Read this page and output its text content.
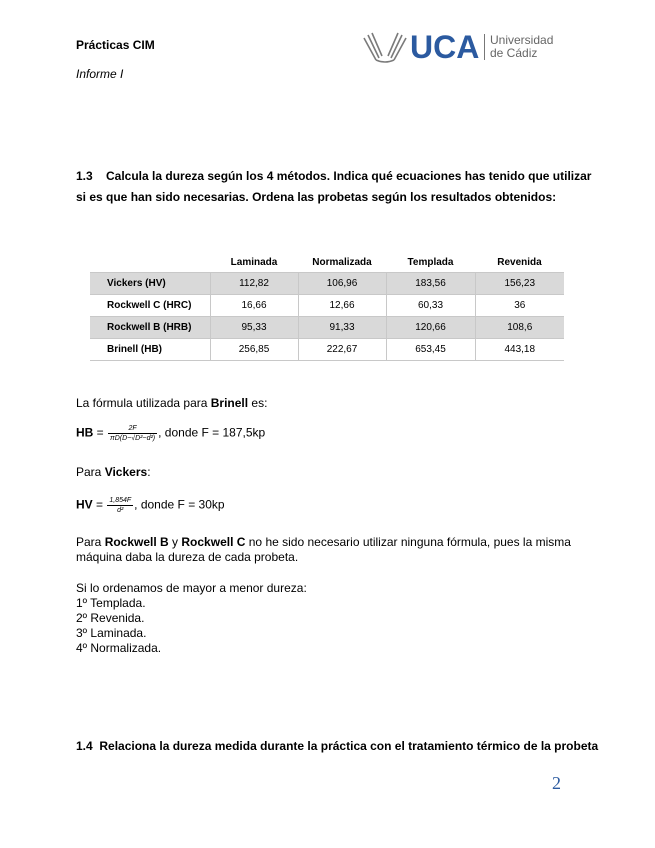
Prácticas CIM
Informe I
UCA Universidad
de Cádiz
1.3 Calcula la dureza según los 4 métodos. Indica qué ecuaciones has tenido que utilizar si es que han sido necesarias. Ordena las probetas según los resultados obtenidos:
	Laminada	Normalizada	Templada	Revenida
Vickers (HV)	112,82	106,96	183,56	156,23
Rockwell C (HRC)	16,66	12,66	60,33	36
Rockwell B (HRB)	95,33	91,33	120,66	108,6
Brinell (HB)	256,85	222,67	653,45	443,18
La fórmula utilizada para Brinell es:
HB = $\frac{2F}{\text{πD(D−√D²−d²)}}$ , donde F = 187,5kp
Para Vickers:
HV = $\frac{1,854F}{\text{d²}}$ , donde F = 30kp
Para Rockwell B y Rockwell C no he sido necesario utilizar ninguna fórmula, pues la misma máquina daba la dureza de cada probeta.
Si lo ordenamos de mayor a menor dureza:
1º Templada.
2º Revenida.
3º Laminada.
4º Normalizada.
1.4 Relaciona la dureza medida durante la práctica con el tratamiento térmico de la probeta
2
